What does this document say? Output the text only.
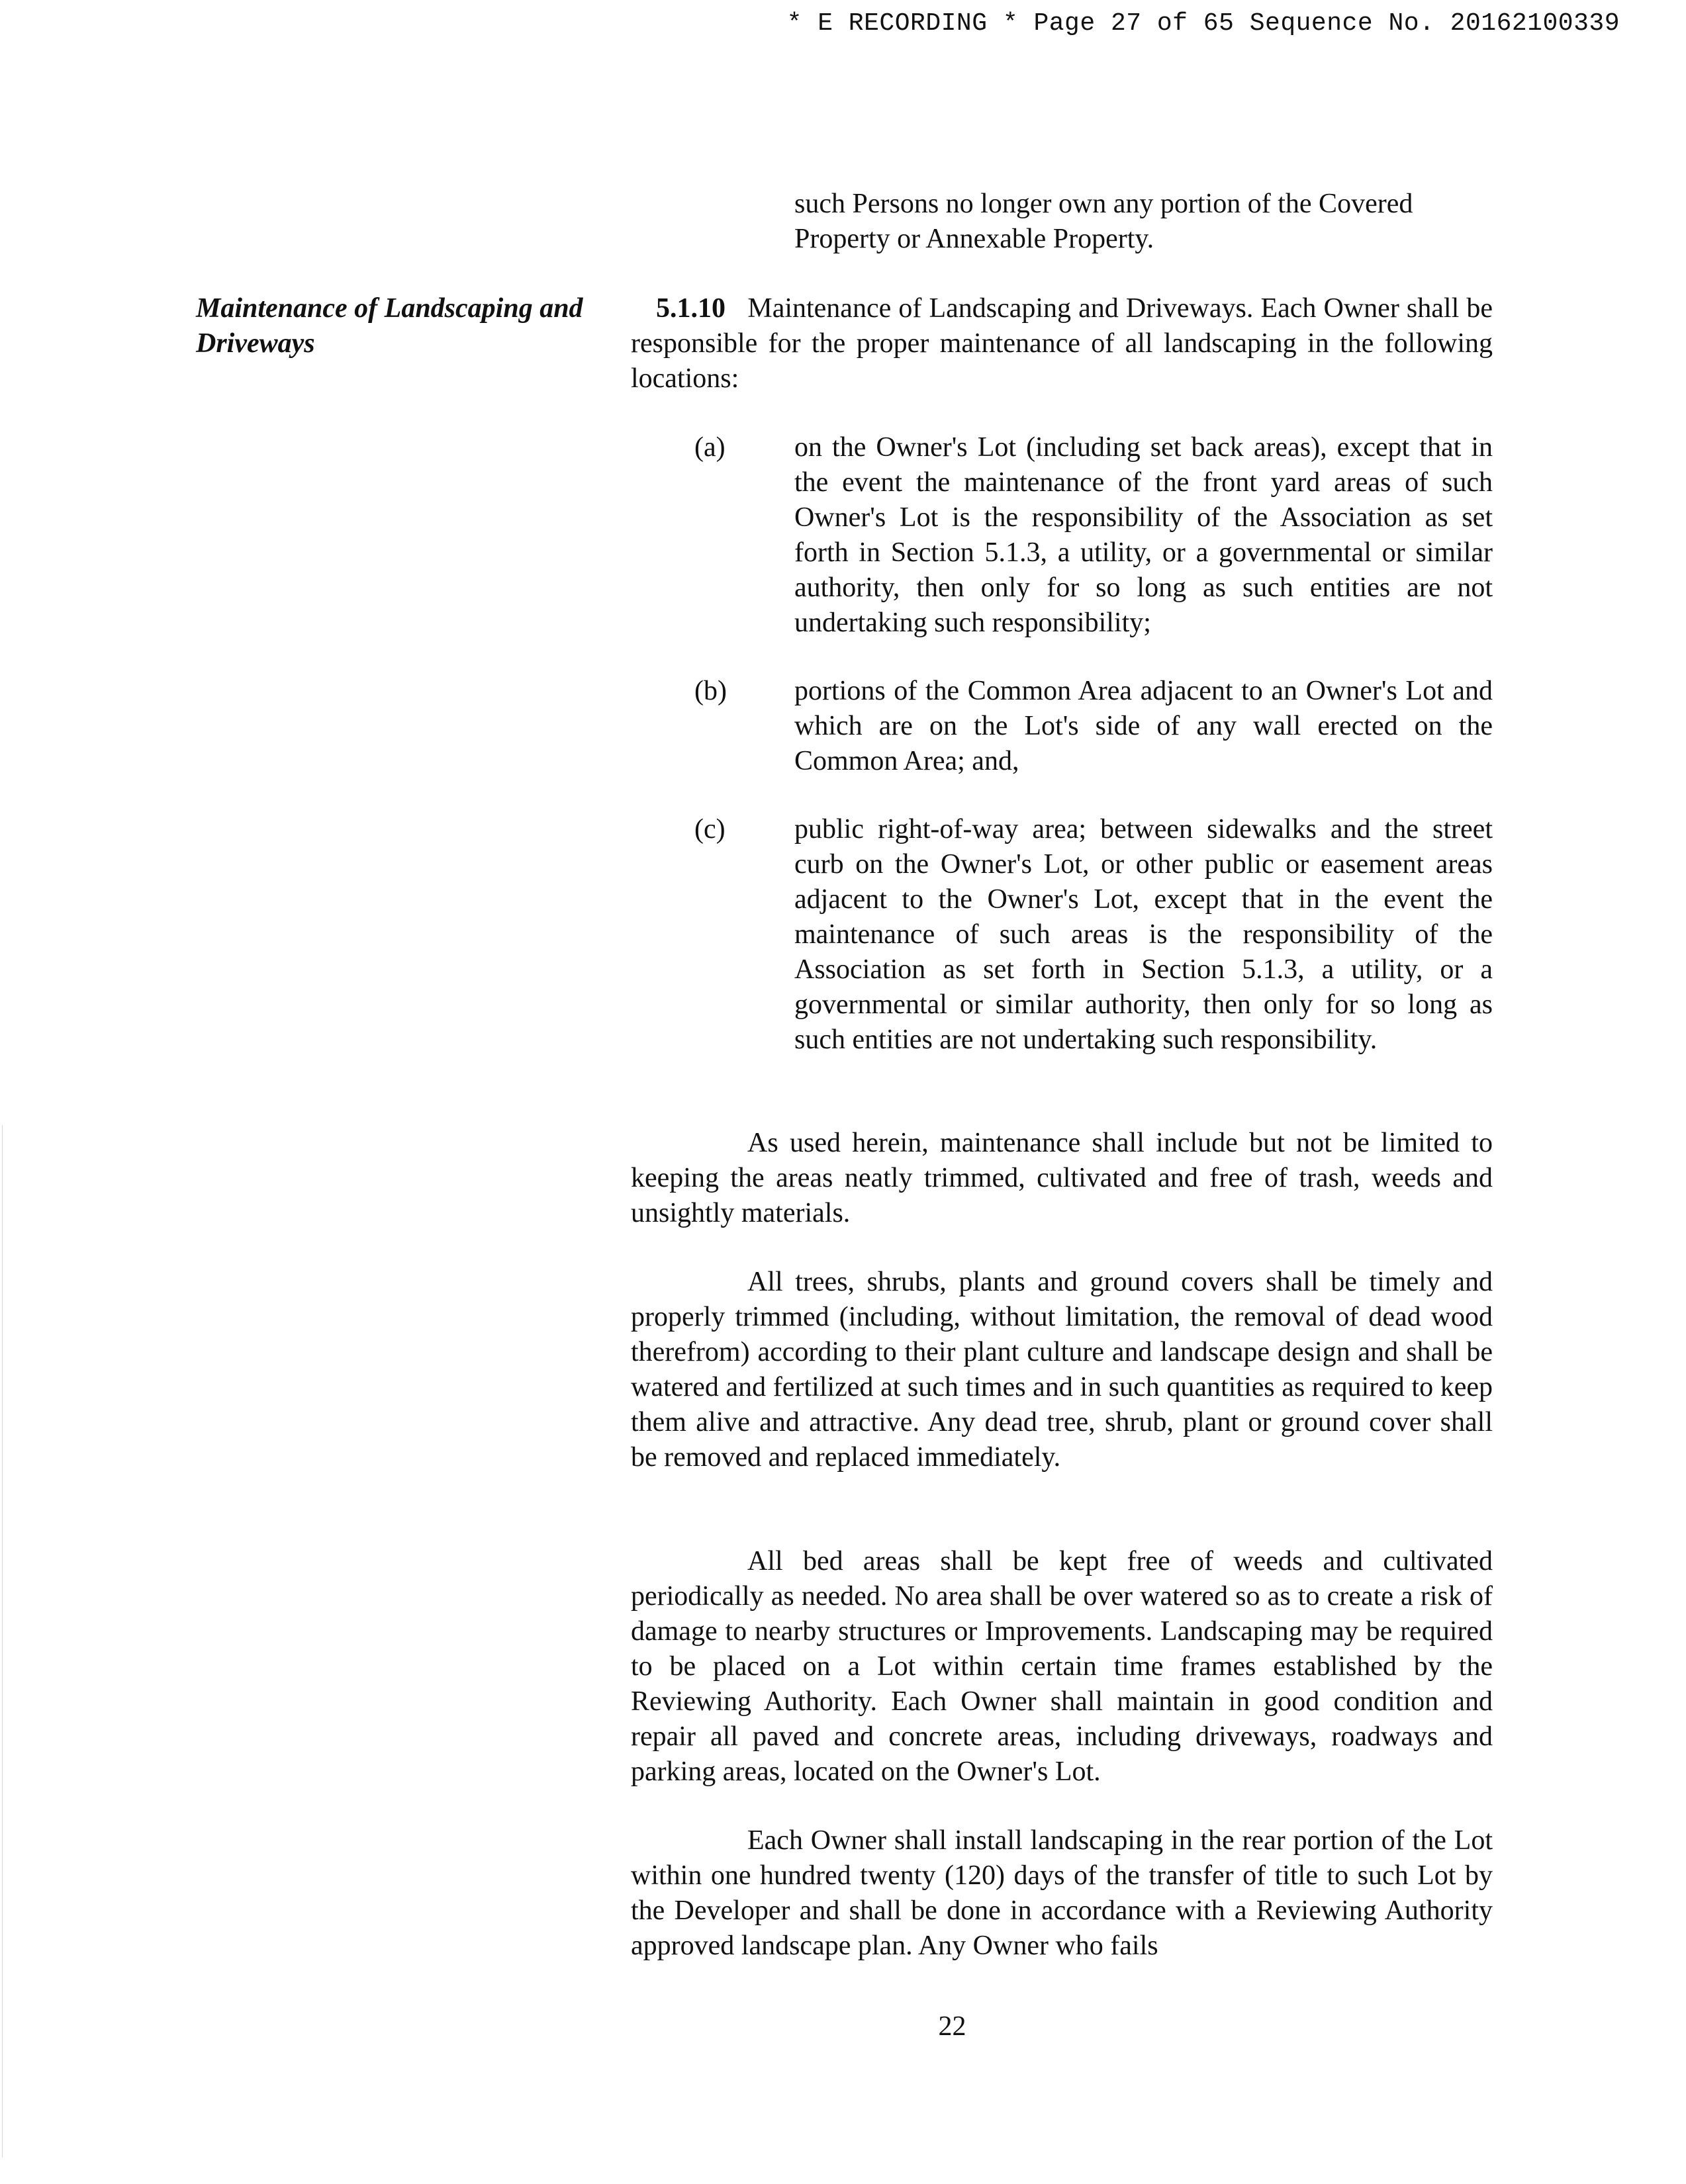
* E RECORDING * Page 27 of 65 Sequence No. 20162100339
such Persons no longer own any portion of the Covered Property or Annexable Property.
Maintenance of Landscaping and Driveways
5.1.10 Maintenance of Landscaping and Driveways. Each Owner shall be responsible for the proper maintenance of all landscaping in the following locations:
(a) on the Owner's Lot (including set back areas), except that in the event the maintenance of the front yard areas of such Owner's Lot is the responsibility of the Association as set forth in Section 5.1.3, a utility, or a governmental or similar authority, then only for so long as such entities are not undertaking such responsibility;
(b) portions of the Common Area adjacent to an Owner's Lot and which are on the Lot's side of any wall erected on the Common Area; and,
(c) public right-of-way area; between sidewalks and the street curb on the Owner's Lot, or other public or easement areas adjacent to the Owner's Lot, except that in the event the maintenance of such areas is the responsibility of the Association as set forth in Section 5.1.3, a utility, or a governmental or similar authority, then only for so long as such entities are not undertaking such responsibility.
As used herein, maintenance shall include but not be limited to keeping the areas neatly trimmed, cultivated and free of trash, weeds and unsightly materials.
All trees, shrubs, plants and ground covers shall be timely and properly trimmed (including, without limitation, the removal of dead wood therefrom) according to their plant culture and landscape design and shall be watered and fertilized at such times and in such quantities as required to keep them alive and attractive. Any dead tree, shrub, plant or ground cover shall be removed and replaced immediately.
All bed areas shall be kept free of weeds and cultivated periodically as needed. No area shall be over watered so as to create a risk of damage to nearby structures or Improvements. Landscaping may be required to be placed on a Lot within certain time frames established by the Reviewing Authority. Each Owner shall maintain in good condition and repair all paved and concrete areas, including driveways, roadways and parking areas, located on the Owner's Lot.
Each Owner shall install landscaping in the rear portion of the Lot within one hundred twenty (120) days of the transfer of title to such Lot by the Developer and shall be done in accordance with a Reviewing Authority approved landscape plan. Any Owner who fails
22
